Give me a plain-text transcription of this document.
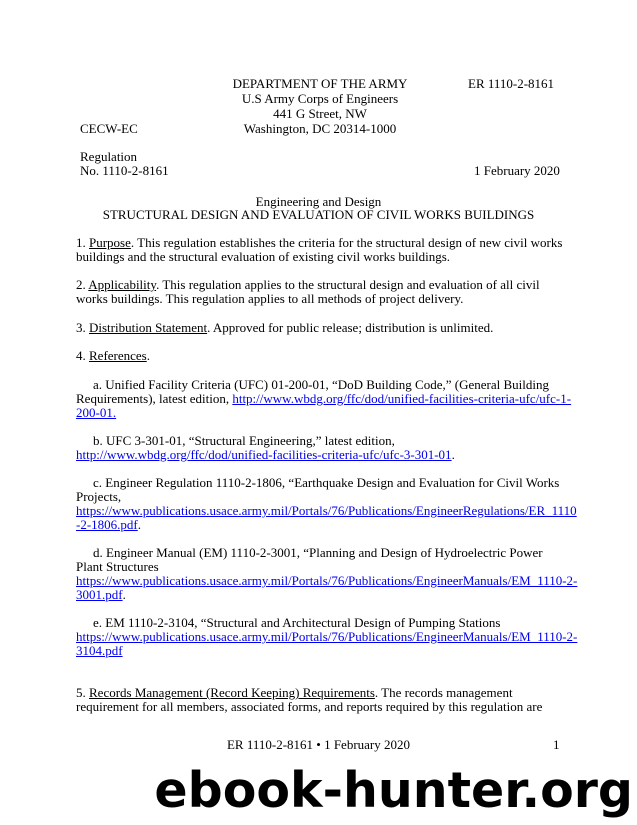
DEPARTMENT OF THE ARMY	ER 1110-2-8161
U.S Army Corps of Engineers
441 G Street, NW
CECW-EC	Washington, DC 20314-1000
Regulation
No. 1110-2-8161	1 February 2020
Engineering and Design
STRUCTURAL DESIGN AND EVALUATION OF CIVIL WORKS BUILDINGS
1. Purpose. This regulation establishes the criteria for the structural design of new civil works
buildings and the structural evaluation of existing civil works buildings.
2. Applicability. This regulation applies to the structural design and evaluation of all civil
works buildings. This regulation applies to all methods of project delivery.
3. Distribution Statement. Approved for public release; distribution is unlimited.
4. References.
a. Unified Facility Criteria (UFC) 01-200-01, “DoD Building Code,” (General Building
Requirements), latest edition, http://www.wbdg.org/ffc/dod/unified-facilities-criteria-ufc/ufc-1-
200-01.
b. UFC 3-301-01, “Structural Engineering,” latest edition,
http://www.wbdg.org/ffc/dod/unified-facilities-criteria-ufc/ufc-3-301-01.
c. Engineer Regulation 1110-2-1806, “Earthquake Design and Evaluation for Civil Works
Projects,
https://www.publications.usace.army.mil/Portals/76/Publications/EngineerRegulations/ER_1110
-2-1806.pdf.
d. Engineer Manual (EM) 1110-2-3001, “Planning and Design of Hydroelectric Power
Plant Structures
https://www.publications.usace.army.mil/Portals/76/Publications/EngineerManuals/EM_1110-2-
3001.pdf.
e. EM 1110-2-3104, “Structural and Architectural Design of Pumping Stations
https://www.publications.usace.army.mil/Portals/76/Publications/EngineerManuals/EM_1110-2-
3104.pdf
5. Records Management (Record Keeping) Requirements. The records management
requirement for all members, associated forms, and reports required by this regulation are
ER 1110-2-8161 • 1 February 2020	1
ebook-hunter.org
